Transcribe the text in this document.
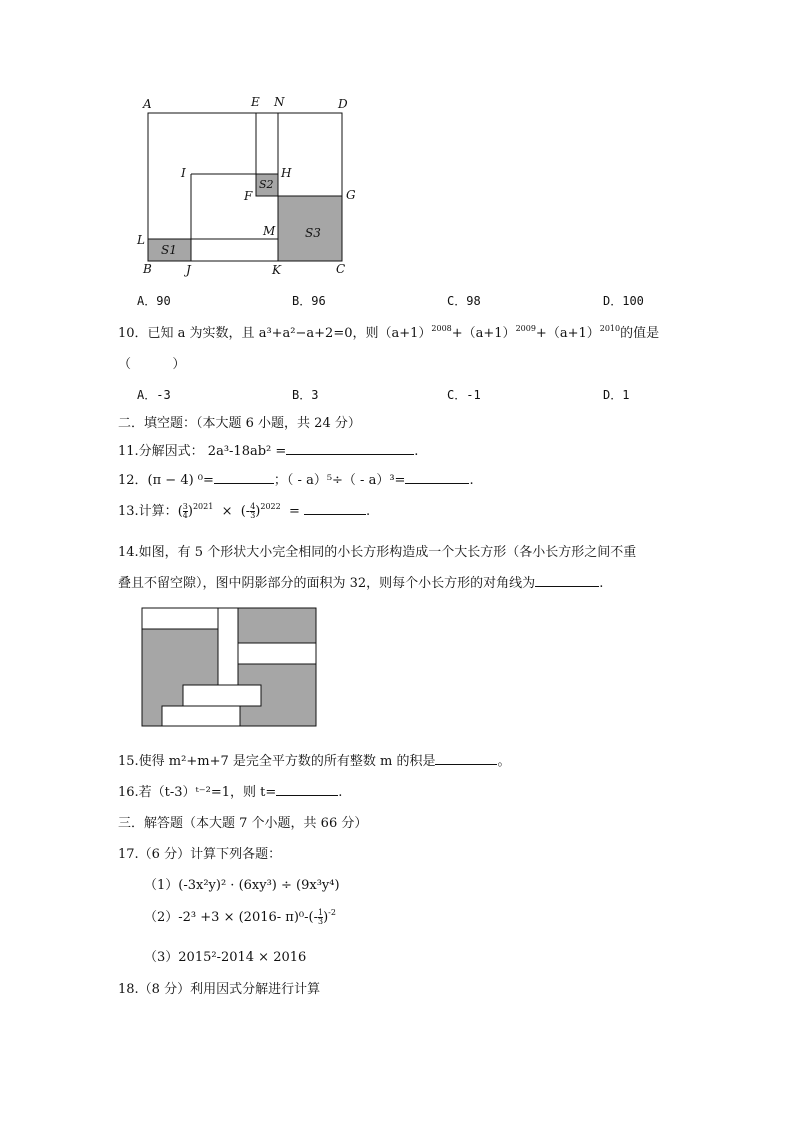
A	E N	D
I	H
F	G
S2
S3
L
M
S1
B	J	K	C
A．90	B．96	C．98	D．100
10．已知 a 为实数，且 a³+a²−a+2=0，则$(a+1)^{2008}+(a+1)^{2009}+(a+1)^{2010}$的值是
（          ）
A．-3	B．3	C．-1	D．1
二．填空题：（本大题 6 小题，共 24 分）
11.分解因式： 2a³-18ab² =	.
12．(π − 4) ⁰=	；（ - a）⁵÷（ - a）³=	.
13.计算：( $\frac{3}{4} )^{2021}$ ×  (- $\frac{4}{3} )^{2022}$ =	.
14.如图，有 5 个形状大小完全相同的小长方形构造成一个大长方形（各小长方形之间不重
叠且不留空隙），图中阴影部分的面积为 32，则每个小长方形的对角线为	.
15.使得 m²+m+7 是完全平方数的所有整数 m 的积是	。
16.若（t-3）ᵗ⁻²=1，则 t=	.
三．解答题（本大题 7 个小题，共 66 分）
17.（6 分）计算下列各题：
（1）(-3x²y)² · (6xy³) ÷ (9x³y⁴)
（2）-2³ +3 × (2016- $\pi)^0-(- \frac{1}{3} )^{-2}$
（3）2015²-2014 × 2016
18.（8 分）利用因式分解进行计算
